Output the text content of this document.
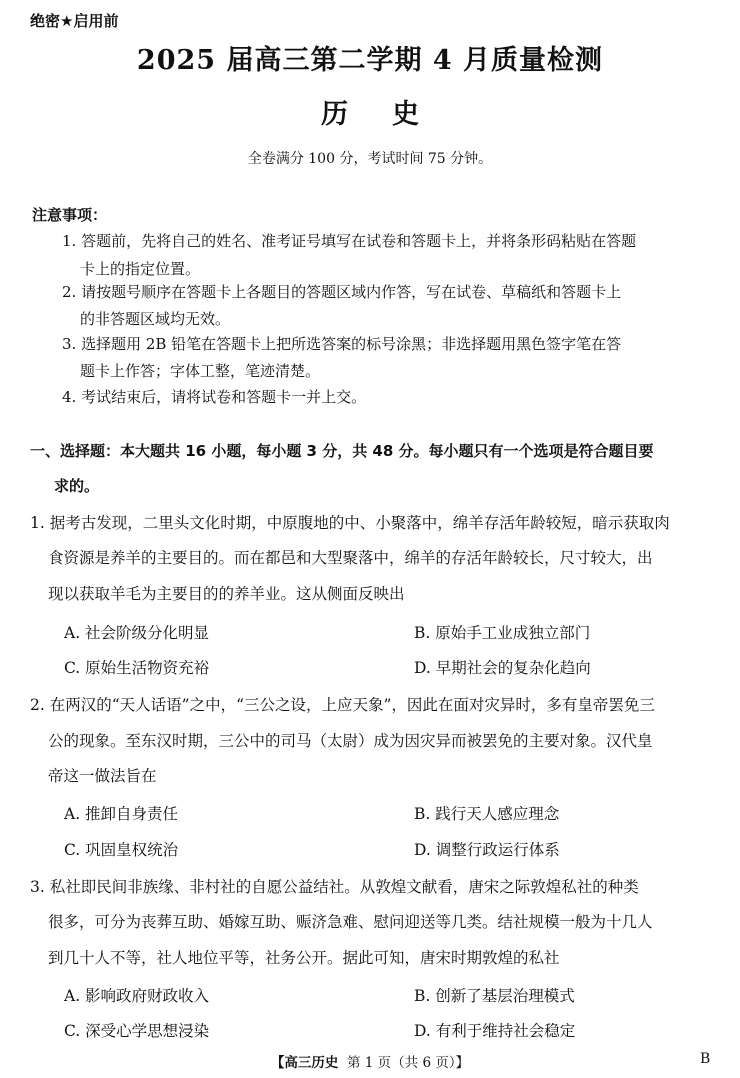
绝密★启用前
2025 届高三第二学期 4 月质量检测
历史
全卷满分 100 分，考试时间 75 分钟。
注意事项：
1. 答题前，先将自己的姓名、准考证号填写在试卷和答题卡上，并将条形码粘贴在答题
卡上的指定位置。
2. 请按题号顺序在答题卡上各题目的答题区域内作答，写在试卷、草稿纸和答题卡上
的非答题区域均无效。
3. 选择题用 2B 铅笔在答题卡上把所选答案的标号涂黑；非选择题用黑色签字笔在答
题卡上作答；字体工整，笔迹清楚。
4. 考试结束后，请将试卷和答题卡一并上交。
一、选择题：本大题共 16 小题，每小题 3 分，共 48 分。每小题只有一个选项是符合题目要
求的。
1. 据考古发现，二里头文化时期，中原腹地的中、小聚落中，绵羊存活年龄较短，暗示获取肉
食资源是养羊的主要目的。而在都邑和大型聚落中，绵羊的存活年龄较长，尺寸较大，出
现以获取羊毛为主要目的的养羊业。这从侧面反映出
A. 社会阶级分化明显	B. 原始手工业成独立部门
C. 原始生活物资充裕	D. 早期社会的复杂化趋向
2. 在两汉的“天人话语”之中，“三公之设，上应天象”，因此在面对灾异时，多有皇帝罢免三
公的现象。至东汉时期，三公中的司马（太尉）成为因灾异而被罢免的主要对象。汉代皇
帝这一做法旨在
A. 推卸自身责任	B. 践行天人感应理念
C. 巩固皇权统治	D. 调整行政运行体系
3. 私社即民间非族缘、非村社的自愿公益结社。从敦煌文献看，唐宋之际敦煌私社的种类
很多，可分为丧葬互助、婚嫁互助、赈济急难、慰问迎送等几类。结社规模一般为十几人
到几十人不等，社人地位平等，社务公开。据此可知，唐宋时期敦煌的私社
A. 影响政府财政收入	B. 创新了基层治理模式
C. 深受心学思想浸染	D. 有利于维持社会稳定
【高三历史 第 1 页（共 6 页）】	B
